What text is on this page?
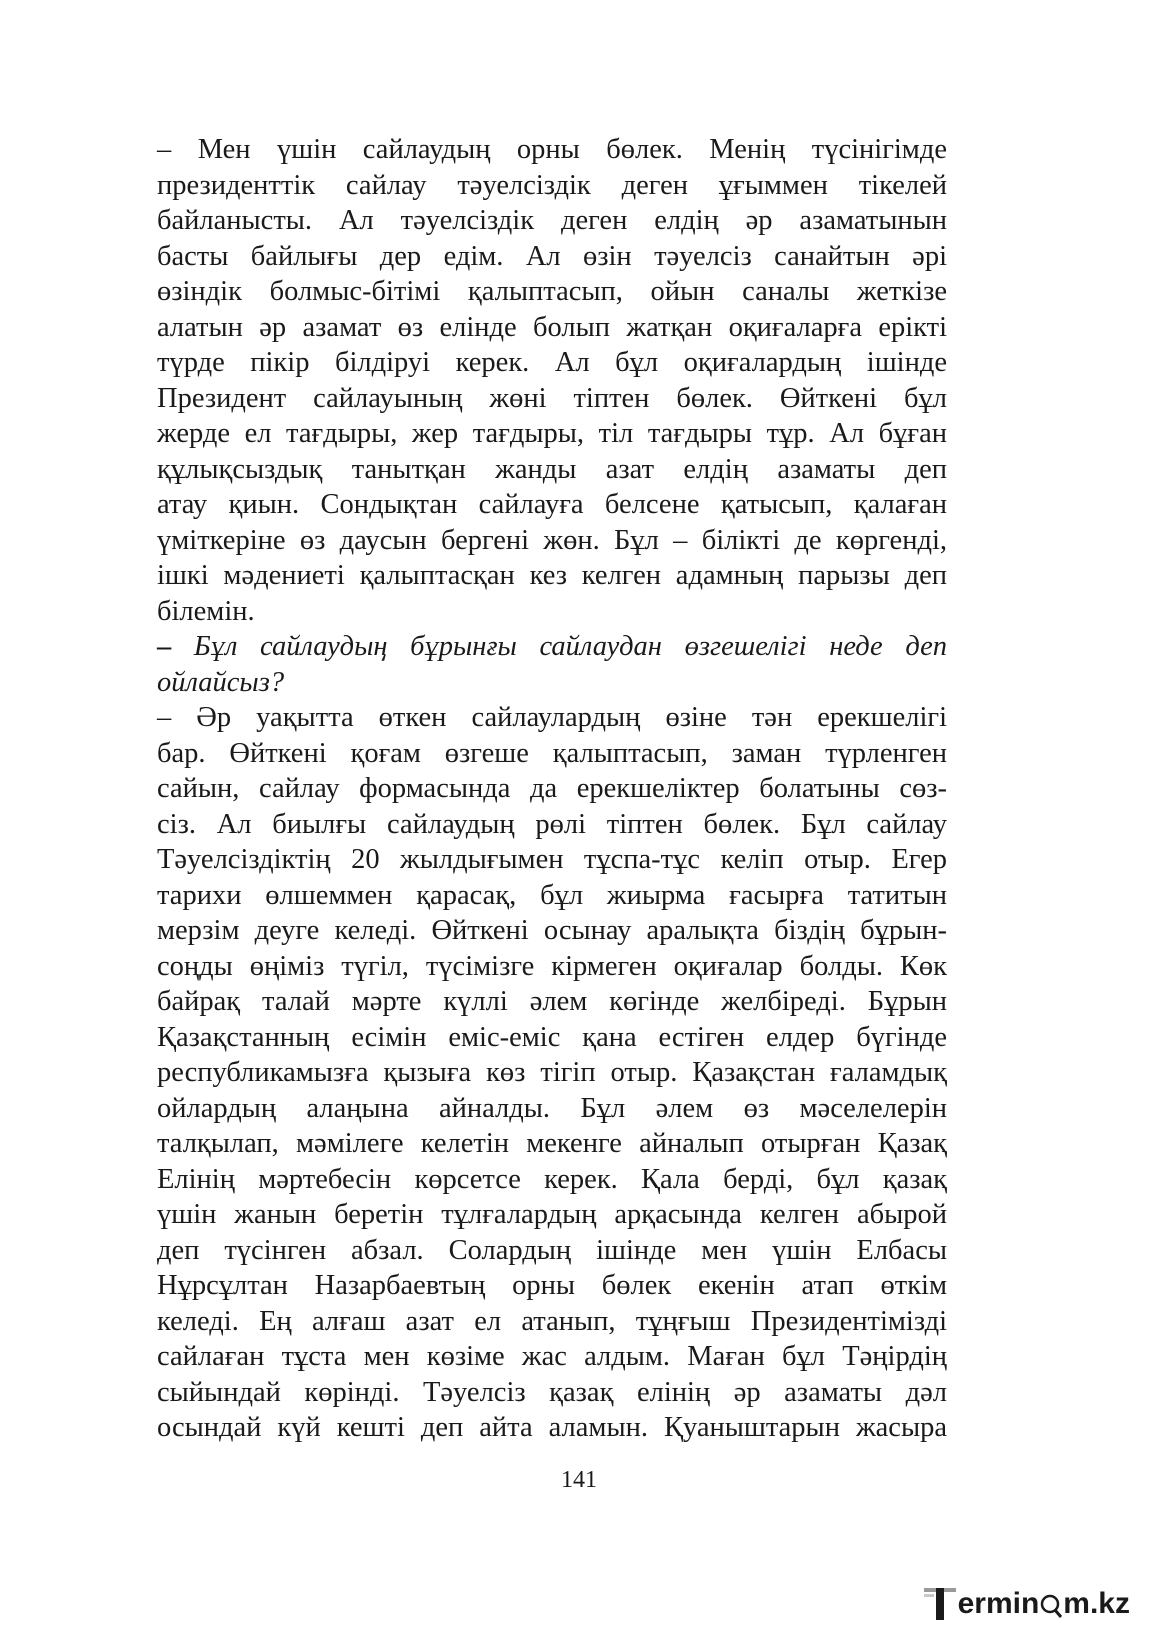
– Мен үшін сайлаудың орны бөлек. Менің түсінігімде
президенттік сайлау тәуелсіздік деген ұғыммен тікелей
байланысты. Ал тәуелсіздік деген елдің әр азаматынын
басты байлығы дер едім. Ал өзін тәуелсіз санайтын әрі
өзіндік болмыс-бітімі қалыптасып, ойын саналы жеткізе
алатын әр азамат өз елінде болып жатқан оқиғаларға ерікті
түрде пікір білдіруі керек. Ал бұл оқиғалардың ішінде
Президент сайлауының жөні тіптен бөлек. Өйткені бұл
жерде ел тағдыры, жер тағдыры, тіл тағдыры тұр. Ал бұған
құлықсыздық танытқан жанды азат елдің азаматы деп
атау қиын. Сондықтан сайлауға белсене қатысып, қалаған
үміткеріне өз даусын бергені жөн. Бұл – білікті де көргенді,
ішкі мәдениеті қалыптасқан кез келген адамның парызы деп
білемін.

– Бұл сайлаудың бұрынғы сайлаудан өзгешелігі неде деп
ойлайсыз?

– Әр уақытта өткен сайлаулардың өзіне тән ерекшелігі
бар. Өйткені қоғам өзгеше қалыптасып, заман түрленген
сайын, сайлау формасында да ерекшеліктер болатыны сөз-
сіз. Ал биылғы сайлаудың рөлі тіптен бөлек. Бұл сайлау
Тәуелсіздіктің 20 жылдығымен тұспа-тұс келіп отыр. Егер
тарихи өлшеммен қарасақ, бұл жиырма ғасырға татитын
мерзім деуге келеді. Өйткені осынау аралықта біздің бұрын-
соңды өңіміз түгіл, түсімізге кірмеген оқиғалар болды. Көк
байрақ талай мәрте күллі әлем көгінде желбіреді. Бұрын
Қазақстанның есімін еміс-еміс қана естіген елдер бүгінде
республикамызға қызыға көз тігіп отыр. Қазақстан ғаламдық
ойлардың алаңына айналды. Бұл әлем өз мәселелерін
талқылап, мәмілеге келетін мекенге айналып отырған Қазақ
Елінің мәртебесін көрсетсе керек. Қала берді, бұл қазақ
үшін жанын беретін тұлғалардың арқасында келген абырой
деп түсінген абзал. Солардың ішінде мен үшін Елбасы
Нұрсұлтан Назарбаевтың орны бөлек екенін атап өткім
келеді. Ең алғаш азат ел атанып, тұңғыш Президентімізді
сайлаған тұста мен көзіме жас алдым. Маған бұл Тәңірдің
сыйындай көрінді. Тәуелсіз қазақ елінің әр азаматы дәл
осындай күй кешті деп айта аламын. Қуаныштарын жасыра

141
ermin m.kz
